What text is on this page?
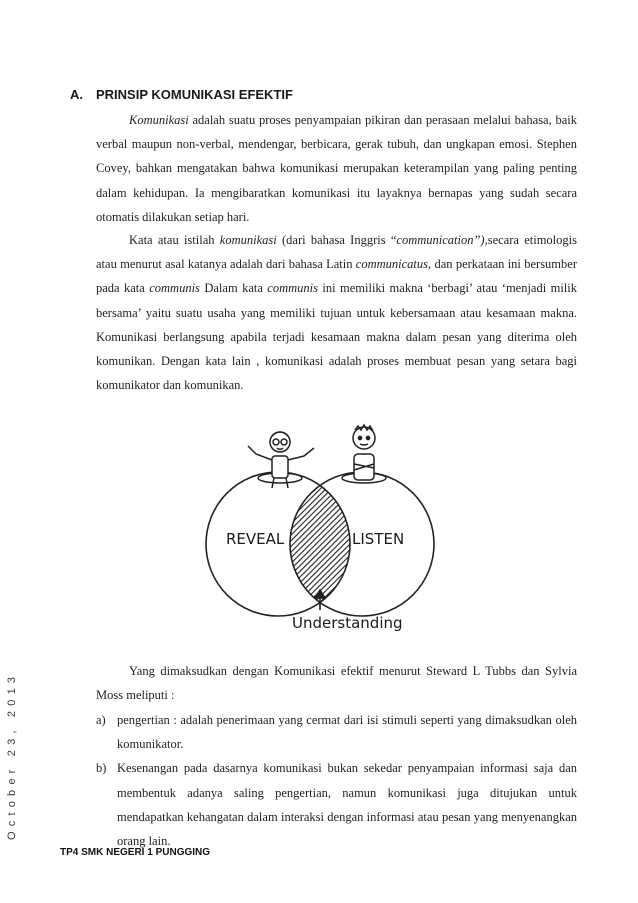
October 23, 2013
A. PRINSIP KOMUNIKASI EFEKTIF

Komunikasi adalah suatu proses penyampaian pikiran dan perasaan melalui bahasa, baik verbal maupun non-verbal, mendengar, berbicara, gerak tubuh, dan ungkapan emosi. Stephen Covey, bahkan mengatakan bahwa komunikasi merupakan keterampilan yang paling penting dalam kehidupan. Ia mengibaratkan komunikasi itu layaknya bernapas yang sudah secara otomatis dilakukan setiap hari.

Kata atau istilah komunikasi (dari bahasa Inggris “communication”),secara etimologis atau menurut asal katanya adalah dari bahasa Latin communicatus, dan perkataan ini bersumber pada kata communis Dalam kata communis ini memiliki makna ‘berbagi’ atau ‘menjadi milik bersama’ yaitu suatu usaha yang memiliki tujuan untuk kebersamaan atau kesamaan makna. Komunikasi berlangsung apabila terjadi kesamaan makna dalam pesan yang diterima oleh komunikan. Dengan kata lain , komunikasi adalah proses membuat pesan yang setara bagi komunikator dan komunikan.

REVEAL	LISTEN
Understanding

Yang dimaksudkan dengan Komunikasi efektif menurut Steward L Tubbs dan Sylvia Moss meliputi :

a) pengertian : adalah penerimaan yang cermat dari isi stimuli seperti yang dimaksudkan oleh komunikator.
b) Kesenangan pada dasarnya komunikasi bukan sekedar penyampaian informasi saja dan membentuk adanya saling pengertian, namun komunikasi juga ditujukan untuk mendapatkan kehangatan dalam interaksi dengan informasi atau pesan yang menyenangkan orang lain.
TP4 SMK NEGERI 1 PUNGGING
